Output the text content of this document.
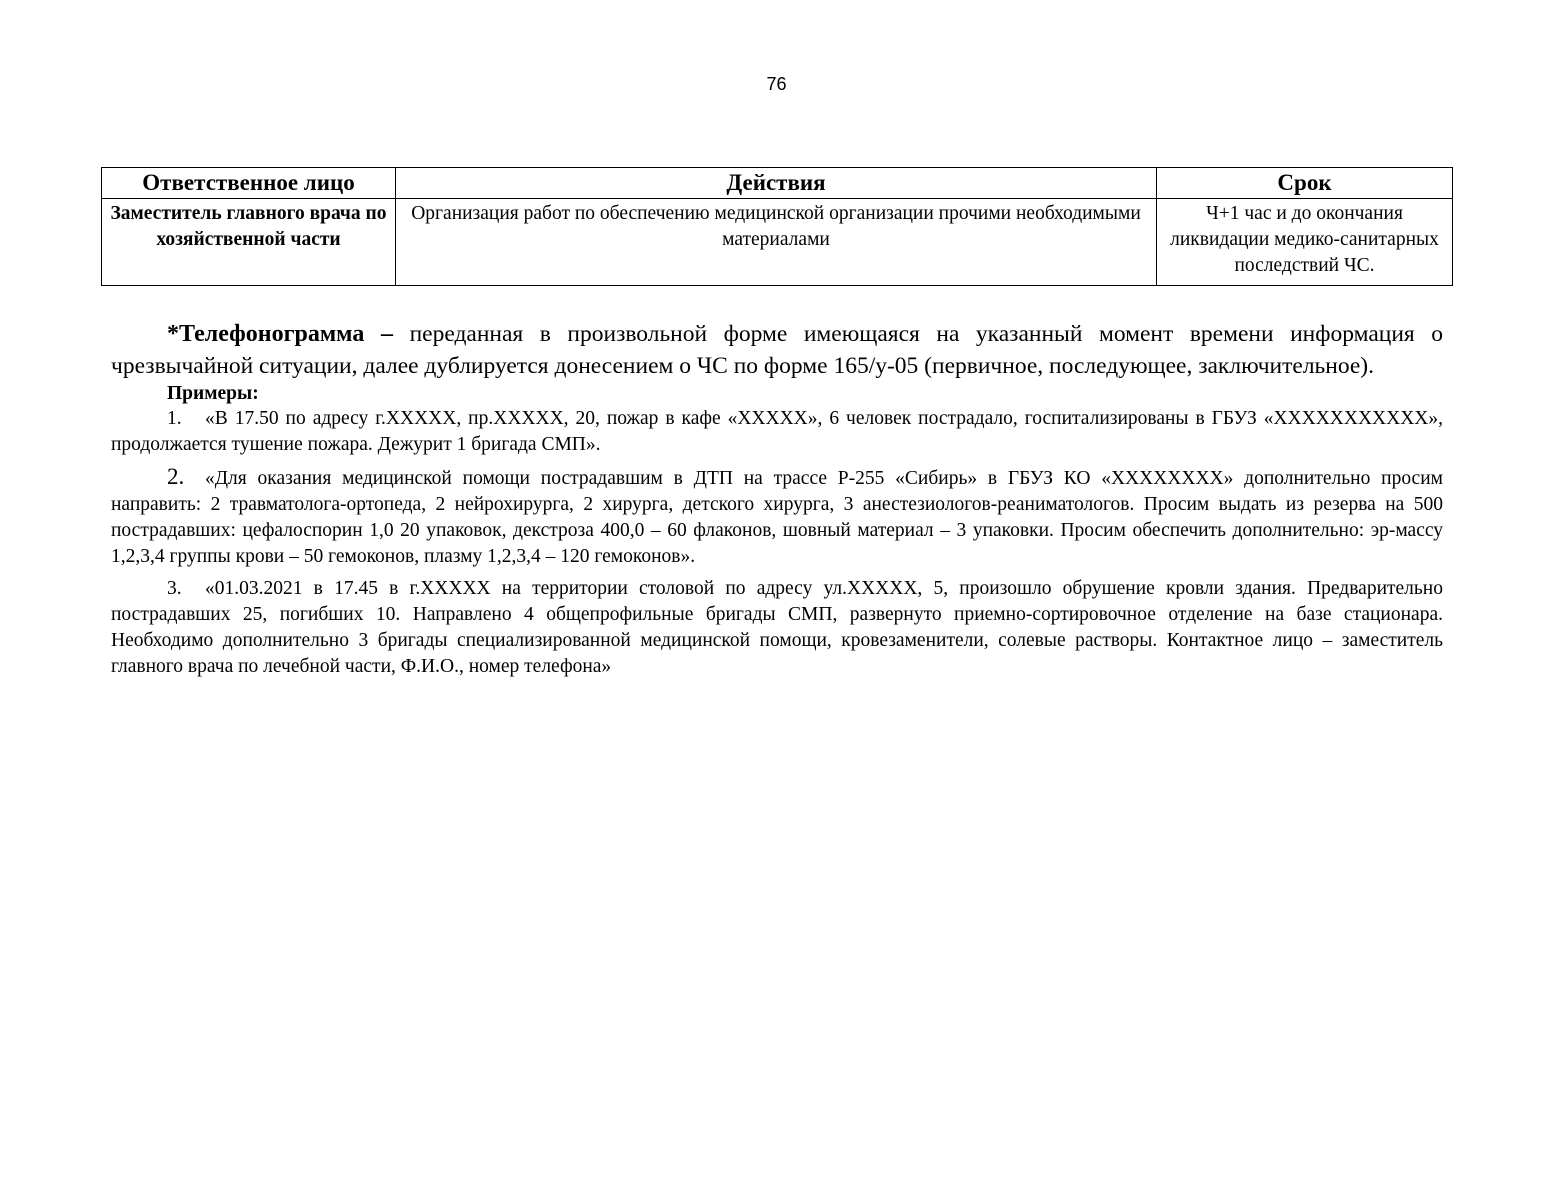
76
Ответственное лицо	Действия	Срок
Заместитель главного врача по хозяйственной части	Организация работ по обеспечению медицинской организации прочими необходимыми материалами	Ч+1 час и до окончания ликвидации медико-санитарных последствий ЧС.

*Телефонограмма – переданная в произвольной форме имеющаяся на указанный момент времени информация о чрезвычайной ситуации, далее дублируется донесением о ЧС по форме 165/у-05 (первичное, последующее, заключительное).

Примеры:

1. «В 17.50 по адресу г.XXXXX, пр.XXXXX, 20, пожар в кафе «XXXXX», 6 человек пострадало, госпитализированы в ГБУЗ «XXXXXXXXXXX», продолжается тушение пожара. Дежурит 1 бригада СМП».

2. «Для оказания медицинской помощи пострадавшим в ДТП на трассе Р-255 «Сибирь» в ГБУЗ КО «XXXXXXXX» дополнительно просим направить: 2 травматолога-ортопеда, 2 нейрохирурга, 2 хирурга, детского хирурга, 3 анестезиологов-реаниматологов. Просим выдать из резерва на 500 пострадавших: цефалоспорин 1,0 20 упаковок, декстроза 400,0 – 60 флаконов, шовный материал – 3 упаковки. Просим обеспечить дополнительно: эр-массу 1,2,3,4 группы крови – 50 гемоконов, плазму 1,2,3,4 – 120 гемоконов».

3. «01.03.2021 в 17.45 в г.XXXXX на территории столовой по адресу ул.XXXXX, 5, произошло обрушение кровли здания. Предварительно пострадавших 25, погибших 10. Направлено 4 общепрофильные бригады СМП, развернуто приемно-сортировочное отделение на базе стационара. Необходимо дополнительно 3 бригады специализированной медицинской помощи, кровезаменители, солевые растворы. Контактное лицо – заместитель главного врача по лечебной части, Ф.И.О., номер телефона»
